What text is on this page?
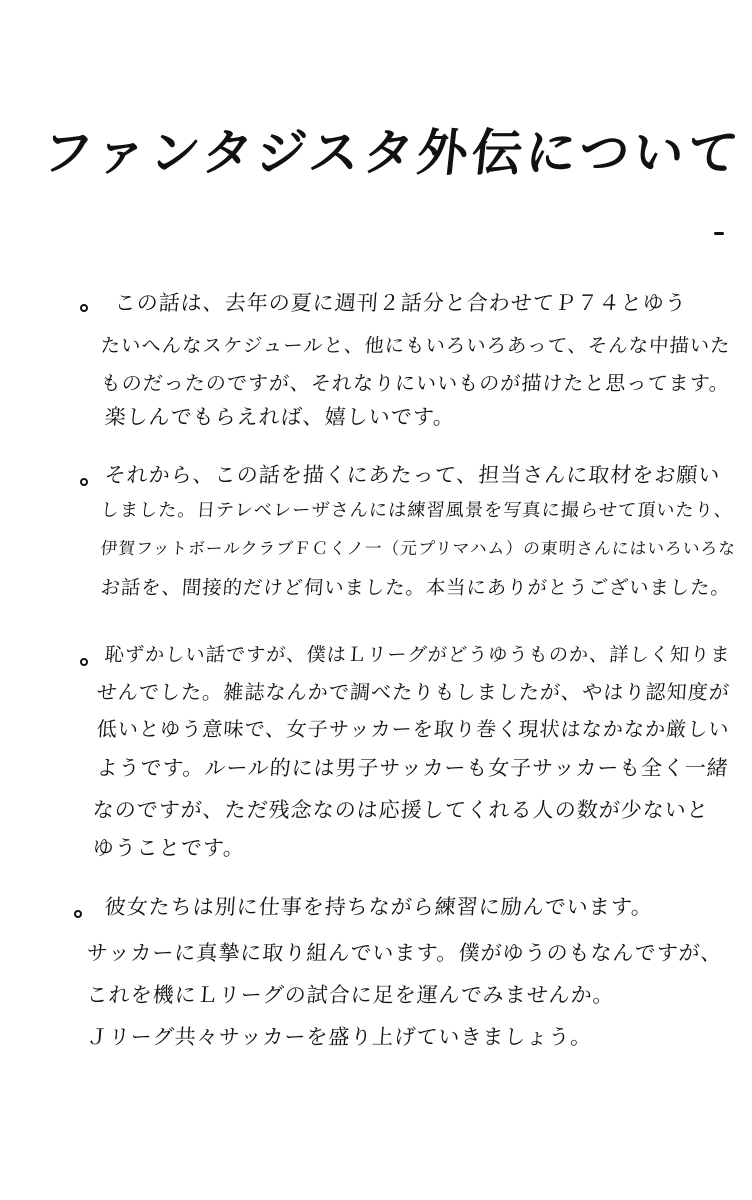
ファンタジスタ外伝について
この話は、去年の夏に週刊２話分と合わせてＰ７４とゆう
たいへんなスケジュールと、他にもいろいろあって、そんな中描いた
ものだったのですが、それなりにいいものが描けたと思ってます。
楽しんでもらえれば、嬉しいです。
それから、この話を描くにあたって、担当さんに取材をお願い
しました。日テレベレーザさんには練習風景を写真に撮らせて頂いたり、
伊賀フットボールクラブＦＣくノ一（元プリマハム）の東明さんにはいろいろな
お話を、間接的だけど伺いました。本当にありがとうございました。
恥ずかしい話ですが、僕はＬリーグがどうゆうものか、詳しく知りま
せんでした。雑誌なんかで調べたりもしましたが、やはり認知度が
低いとゆう意味で、女子サッカーを取り巻く現状はなかなか厳しい
ようです。ルール的には男子サッカーも女子サッカーも全く一緒
なのですが、ただ残念なのは応援してくれる人の数が少ないと
ゆうことです。
彼女たちは別に仕事を持ちながら練習に励んでいます。
サッカーに真摯に取り組んでいます。僕がゆうのもなんですが、
これを機にＬリーグの試合に足を運んでみませんか。
Ｊリーグ共々サッカーを盛り上げていきましょう。
